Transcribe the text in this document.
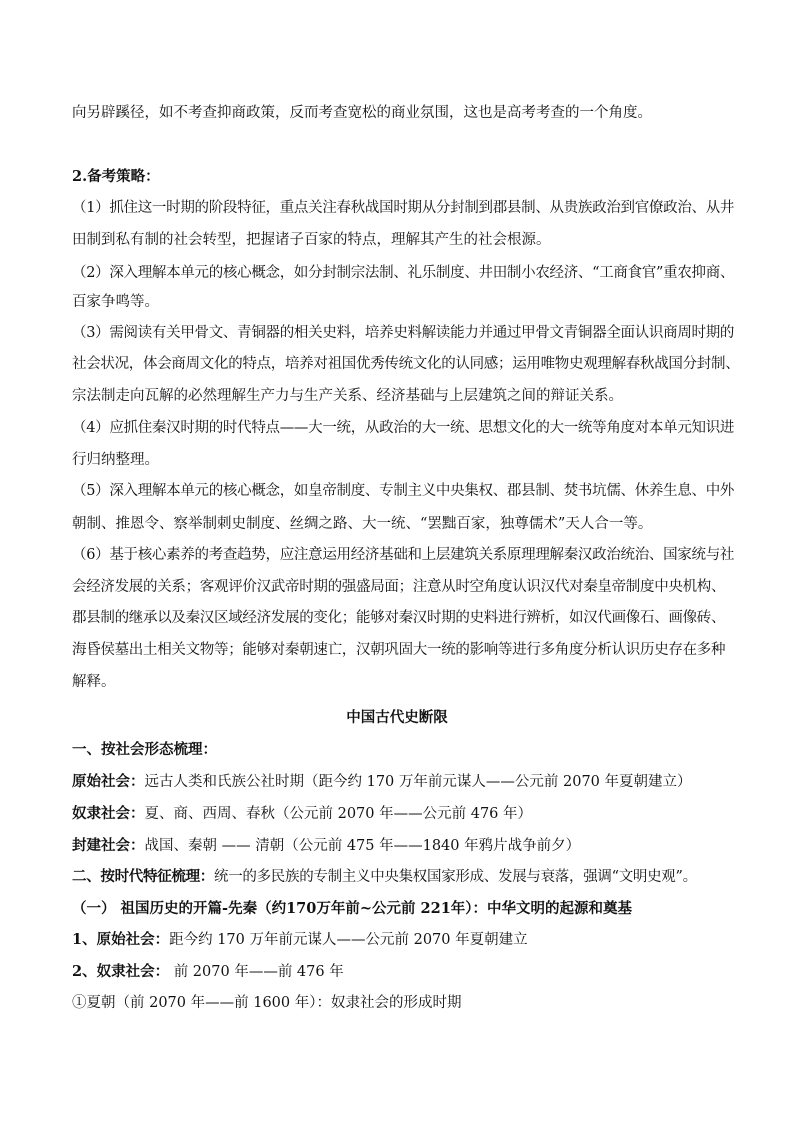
向另辟蹊径，如不考查抑商政策，反而考查宽松的商业氛围，这也是高考考查的一个角度。
2.备考策略：
（1）抓住这一时期的阶段特征，重点关注春秋战国时期从分封制到郡县制、从贵族政治到官僚政治、从井
田制到私有制的社会转型，把握诸子百家的特点，理解其产生的社会根源。
（2）深入理解本单元的核心概念，如分封制宗法制、礼乐制度、井田制小农经济、“工商食官”重农抑商、
百家争鸣等。
（3）需阅读有关甲骨文、青铜器的相关史料，培养史料解读能力并通过甲骨文青铜器全面认识商周时期的
社会状况，体会商周文化的特点，培养对祖国优秀传统文化的认同感；运用唯物史观理解春秋战国分封制、
宗法制走向瓦解的必然理解生产力与生产关系、经济基础与上层建筑之间的辩证关系。
（4）应抓住秦汉时期的时代特点——大一统，从政治的大一统、思想文化的大一统等角度对本单元知识进
行归纳整理。
（5）深入理解本单元的核心概念，如皇帝制度、专制主义中央集权、郡县制、焚书坑儒、休养生息、中外
朝制、推恩令、察举制刺史制度、丝绸之路、大一统、“罢黜百家，独尊儒术”天人合一等。
（6）基于核心素养的考查趋势，应注意运用经济基础和上层建筑关系原理理解秦汉政治统治、国家统与社
会经济发展的关系；客观评价汉武帝时期的强盛局面；注意从时空角度认识汉代对秦皇帝制度中央机构、
郡县制的继承以及秦汉区域经济发展的变化；能够对秦汉时期的史料进行辨析，如汉代画像石、画像砖、
海昏侯墓出土相关文物等；能够对秦朝速亡，汉朝巩固大一统的影响等进行多角度分析认识历史存在多种
解释。
中国古代史断限
一、按社会形态梳理：
原始社会：远古人类和氏族公社时期（距今约 170 万年前元谋人——公元前 2070 年夏朝建立）
奴隶社会：夏、商、西周、春秋（公元前 2070 年——公元前 476 年）
封建社会：战国、秦朝 —— 清朝（公元前 475 年——1840 年鸦片战争前夕）
二、按时代特征梳理：统一的多民族的专制主义中央集权国家形成、发展与衰落，强调“文明史观”。
（一） 祖国历史的开篇-先秦（约170万年前~公元前 221年）：中华文明的起源和奠基
1、原始社会：距今约 170 万年前元谋人——公元前 2070 年夏朝建立
2、奴隶社会： 前 2070 年——前 476 年
①夏朝（前 2070 年——前 1600 年）：奴隶社会的形成时期
